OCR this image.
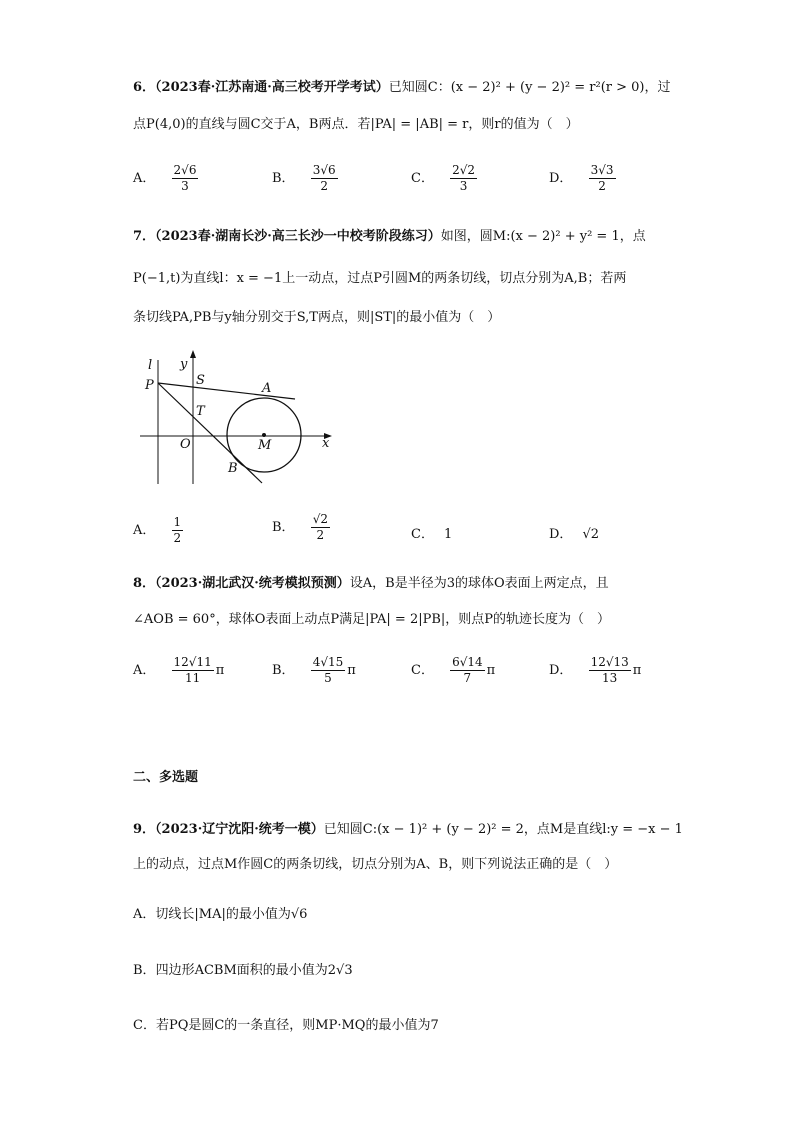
6．（2023春·江苏南通·高三校考开学考试）已知圆C：(x − 2)² + (y − 2)² = r²(r > 0)，过
点P(4,0)的直线与圆C交于A，B两点．若|PA| = |AB| = r，则r的值为（　）
A． $\frac{2√6}{3}$	B． $\frac{3√6}{2}$	C． $\frac{2√2}{3}$	D． $\frac{3√3}{2}$
7．（2023春·湖南长沙·高三长沙一中校考阶段练习）如图，圆M:(x − 2)² + y² = 1，点
P(−1,t)为直线l：x = −1上一动点，过点P引圆M的两条切线，切点分别为A,B；若两
条切线PA,PB与y轴分别交于S,T两点，则|ST|的最小值为（　）
l y
x
P	S
A
T
O	M
B
A． $\frac{1}{2}$	B． $\frac{√2}{2}$	C． 1	D． √2
8．（2023·湖北武汉·统考模拟预测）设A，B是半径为3的球体O表面上两定点，且
∠AOB = 60°，球体O表面上动点P满足|PA| = 2|PB|，则点P的轨迹长度为（　）
A． $\frac{12√11}{11}$ π	B． $\frac{4√15}{5}$ π	C． $\frac{6√14}{7}$ π	D． $\frac{12√13}{13}$ π
二、多选题
9．（2023·辽宁沈阳·统考一模）已知圆C:(x − 1)² + (y − 2)² = 2，点M是直线l:y = −x − 1
上的动点，过点M作圆C的两条切线，切点分别为A、B，则下列说法正确的是（　）
A．切线长|MA|的最小值为√6
B．四边形ACBM面积的最小值为2√3
C．若PQ是圆C的一条直径，则MP·MQ的最小值为7
